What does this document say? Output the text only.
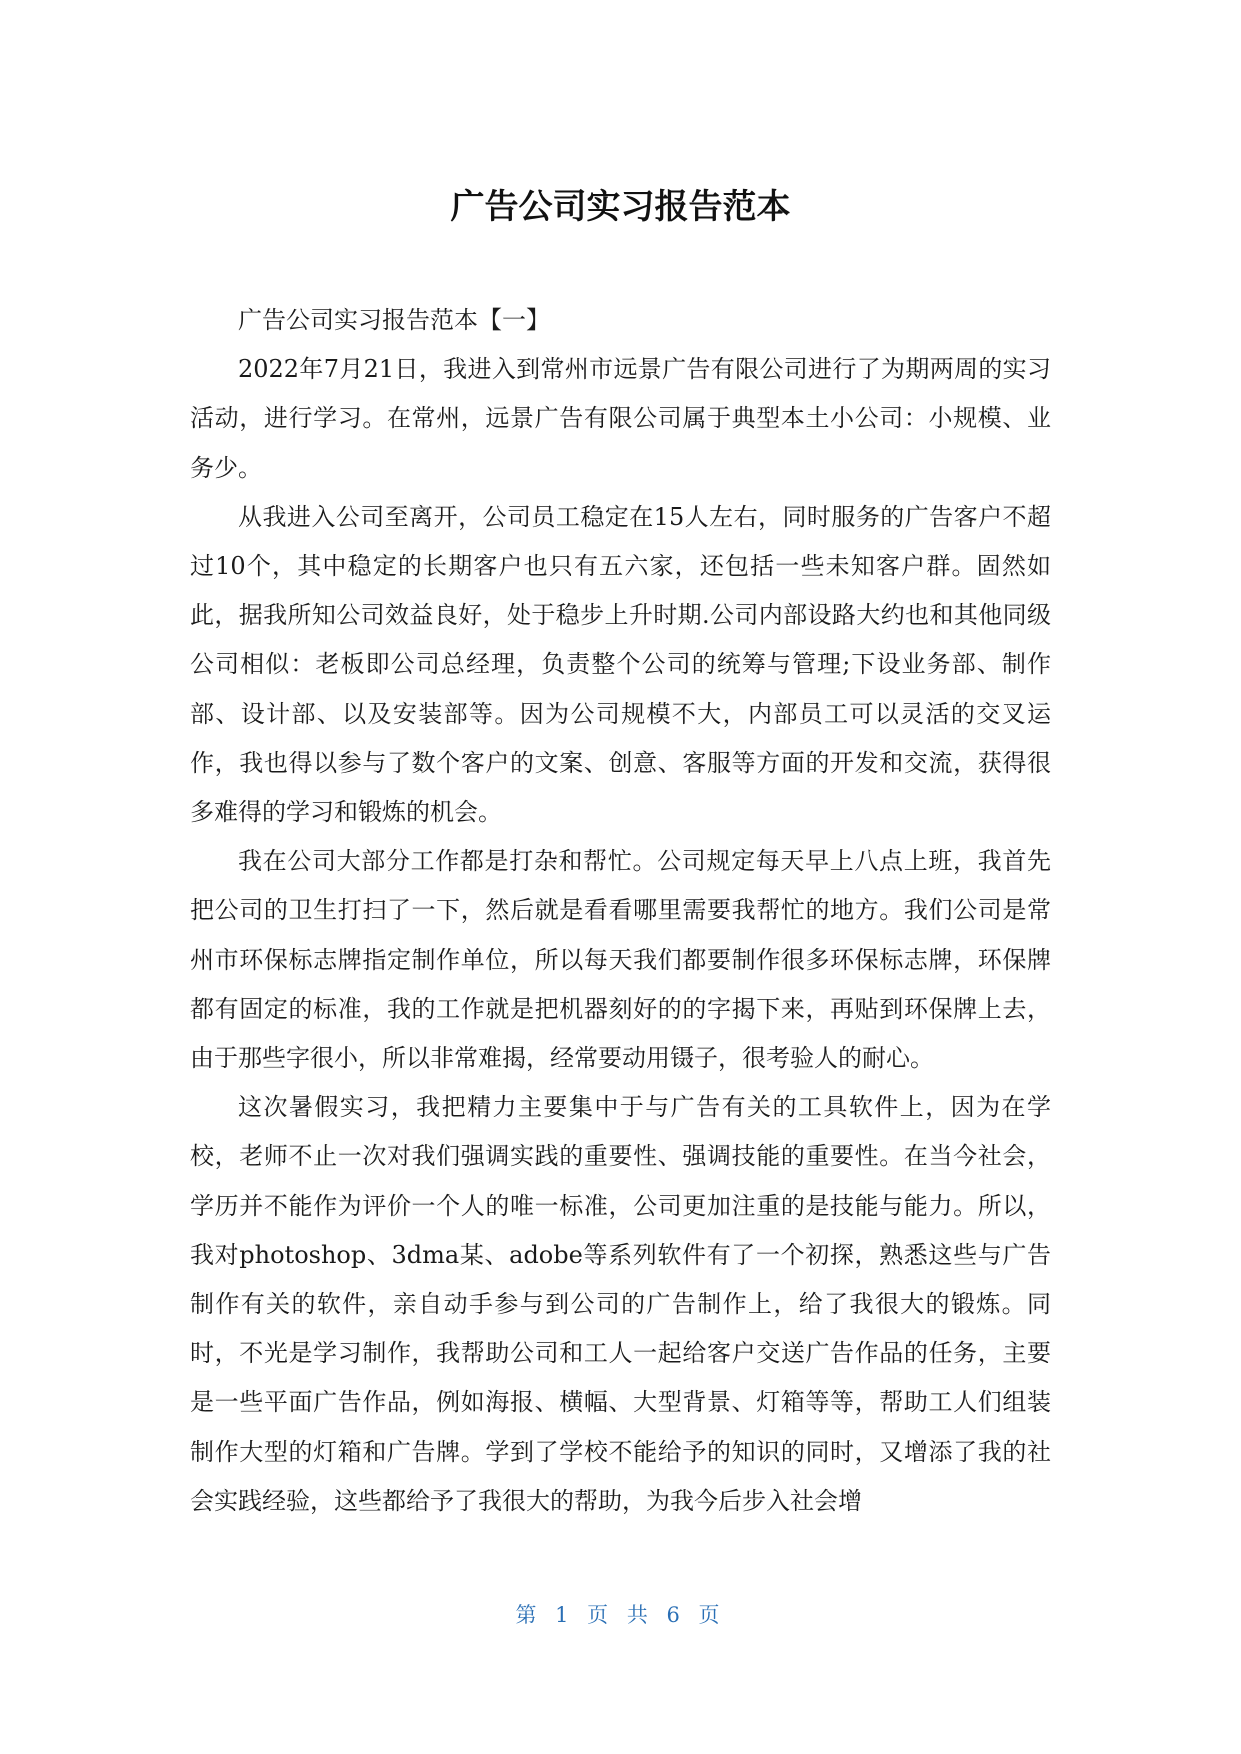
广告公司实习报告范本

广告公司实习报告范本【一】

2022年7月21日，我进入到常州市远景广告有限公司进行了为期两周的实习活动，进行学习。在常州，远景广告有限公司属于典型本土小公司：小规模、业务少。

从我进入公司至离开，公司员工稳定在15人左右，同时服务的广告客户不超过10个，其中稳定的长期客户也只有五六家，还包括一些未知客户群。固然如此，据我所知公司效益良好，处于稳步上升时期.公司内部设路大约也和其他同级公司相似：老板即公司总经理，负责整个公司的统筹与管理;下设业务部、制作部、设计部、以及安装部等。因为公司规模不大，内部员工可以灵活的交叉运作，我也得以参与了数个客户的文案、创意、客服等方面的开发和交流，获得很多难得的学习和锻炼的机会。

我在公司大部分工作都是打杂和帮忙。公司规定每天早上八点上班，我首先把公司的卫生打扫了一下，然后就是看看哪里需要我帮忙的地方。我们公司是常州市环保标志牌指定制作单位，所以每天我们都要制作很多环保标志牌，环保牌都有固定的标准，我的工作就是把机器刻好的的字揭下来，再贴到环保牌上去，由于那些字很小，所以非常难揭，经常要动用镊子，很考验人的耐心。

这次暑假实习，我把精力主要集中于与广告有关的工具软件上，因为在学校，老师不止一次对我们强调实践的重要性、强调技能的重要性。在当今社会，学历并不能作为评价一个人的唯一标准，公司更加注重的是技能与能力。所以，我对photoshop、3dma某、adobe等系列软件有了一个初探，熟悉这些与广告制作有关的软件，亲自动手参与到公司的广告制作上，给了我很大的锻炼。同时，不光是学习制作，我帮助公司和工人一起给客户交送广告作品的任务，主要是一些平面广告作品，例如海报、横幅、大型背景、灯箱等等，帮助工人们组装制作大型的灯箱和广告牌。学到了学校不能给予的知识的同时，又增添了我的社会实践经验，这些都给予了我很大的帮助，为我今后步入社会增

第 1 页 共 6 页
